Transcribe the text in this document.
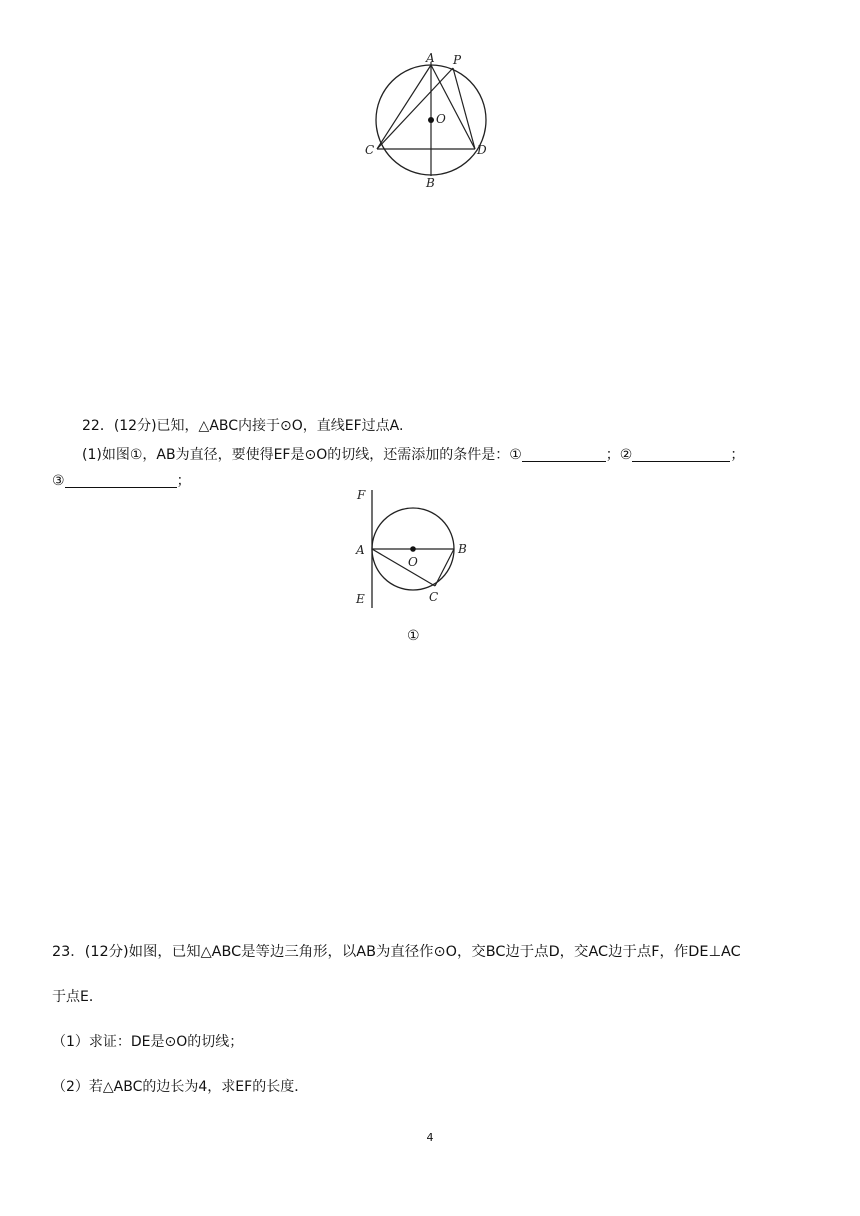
A P
O
C	D
B
22．(12分)已知，△ABC内接于⊙O，直线EF过点A.
(1)如图①，AB为直径，要使得EF是⊙O的切线，还需添加的条件是：①	；②	；
③	；
F
A
O
B
E	C
①
23．(12分)如图，已知△ABC是等边三角形，以AB为直径作⊙O，交BC边于点D，交AC边于点F，作DE⊥AC
于点E．
（1）求证：DE是⊙O的切线；
（2）若△ABC的边长为4，求EF的长度．
4
